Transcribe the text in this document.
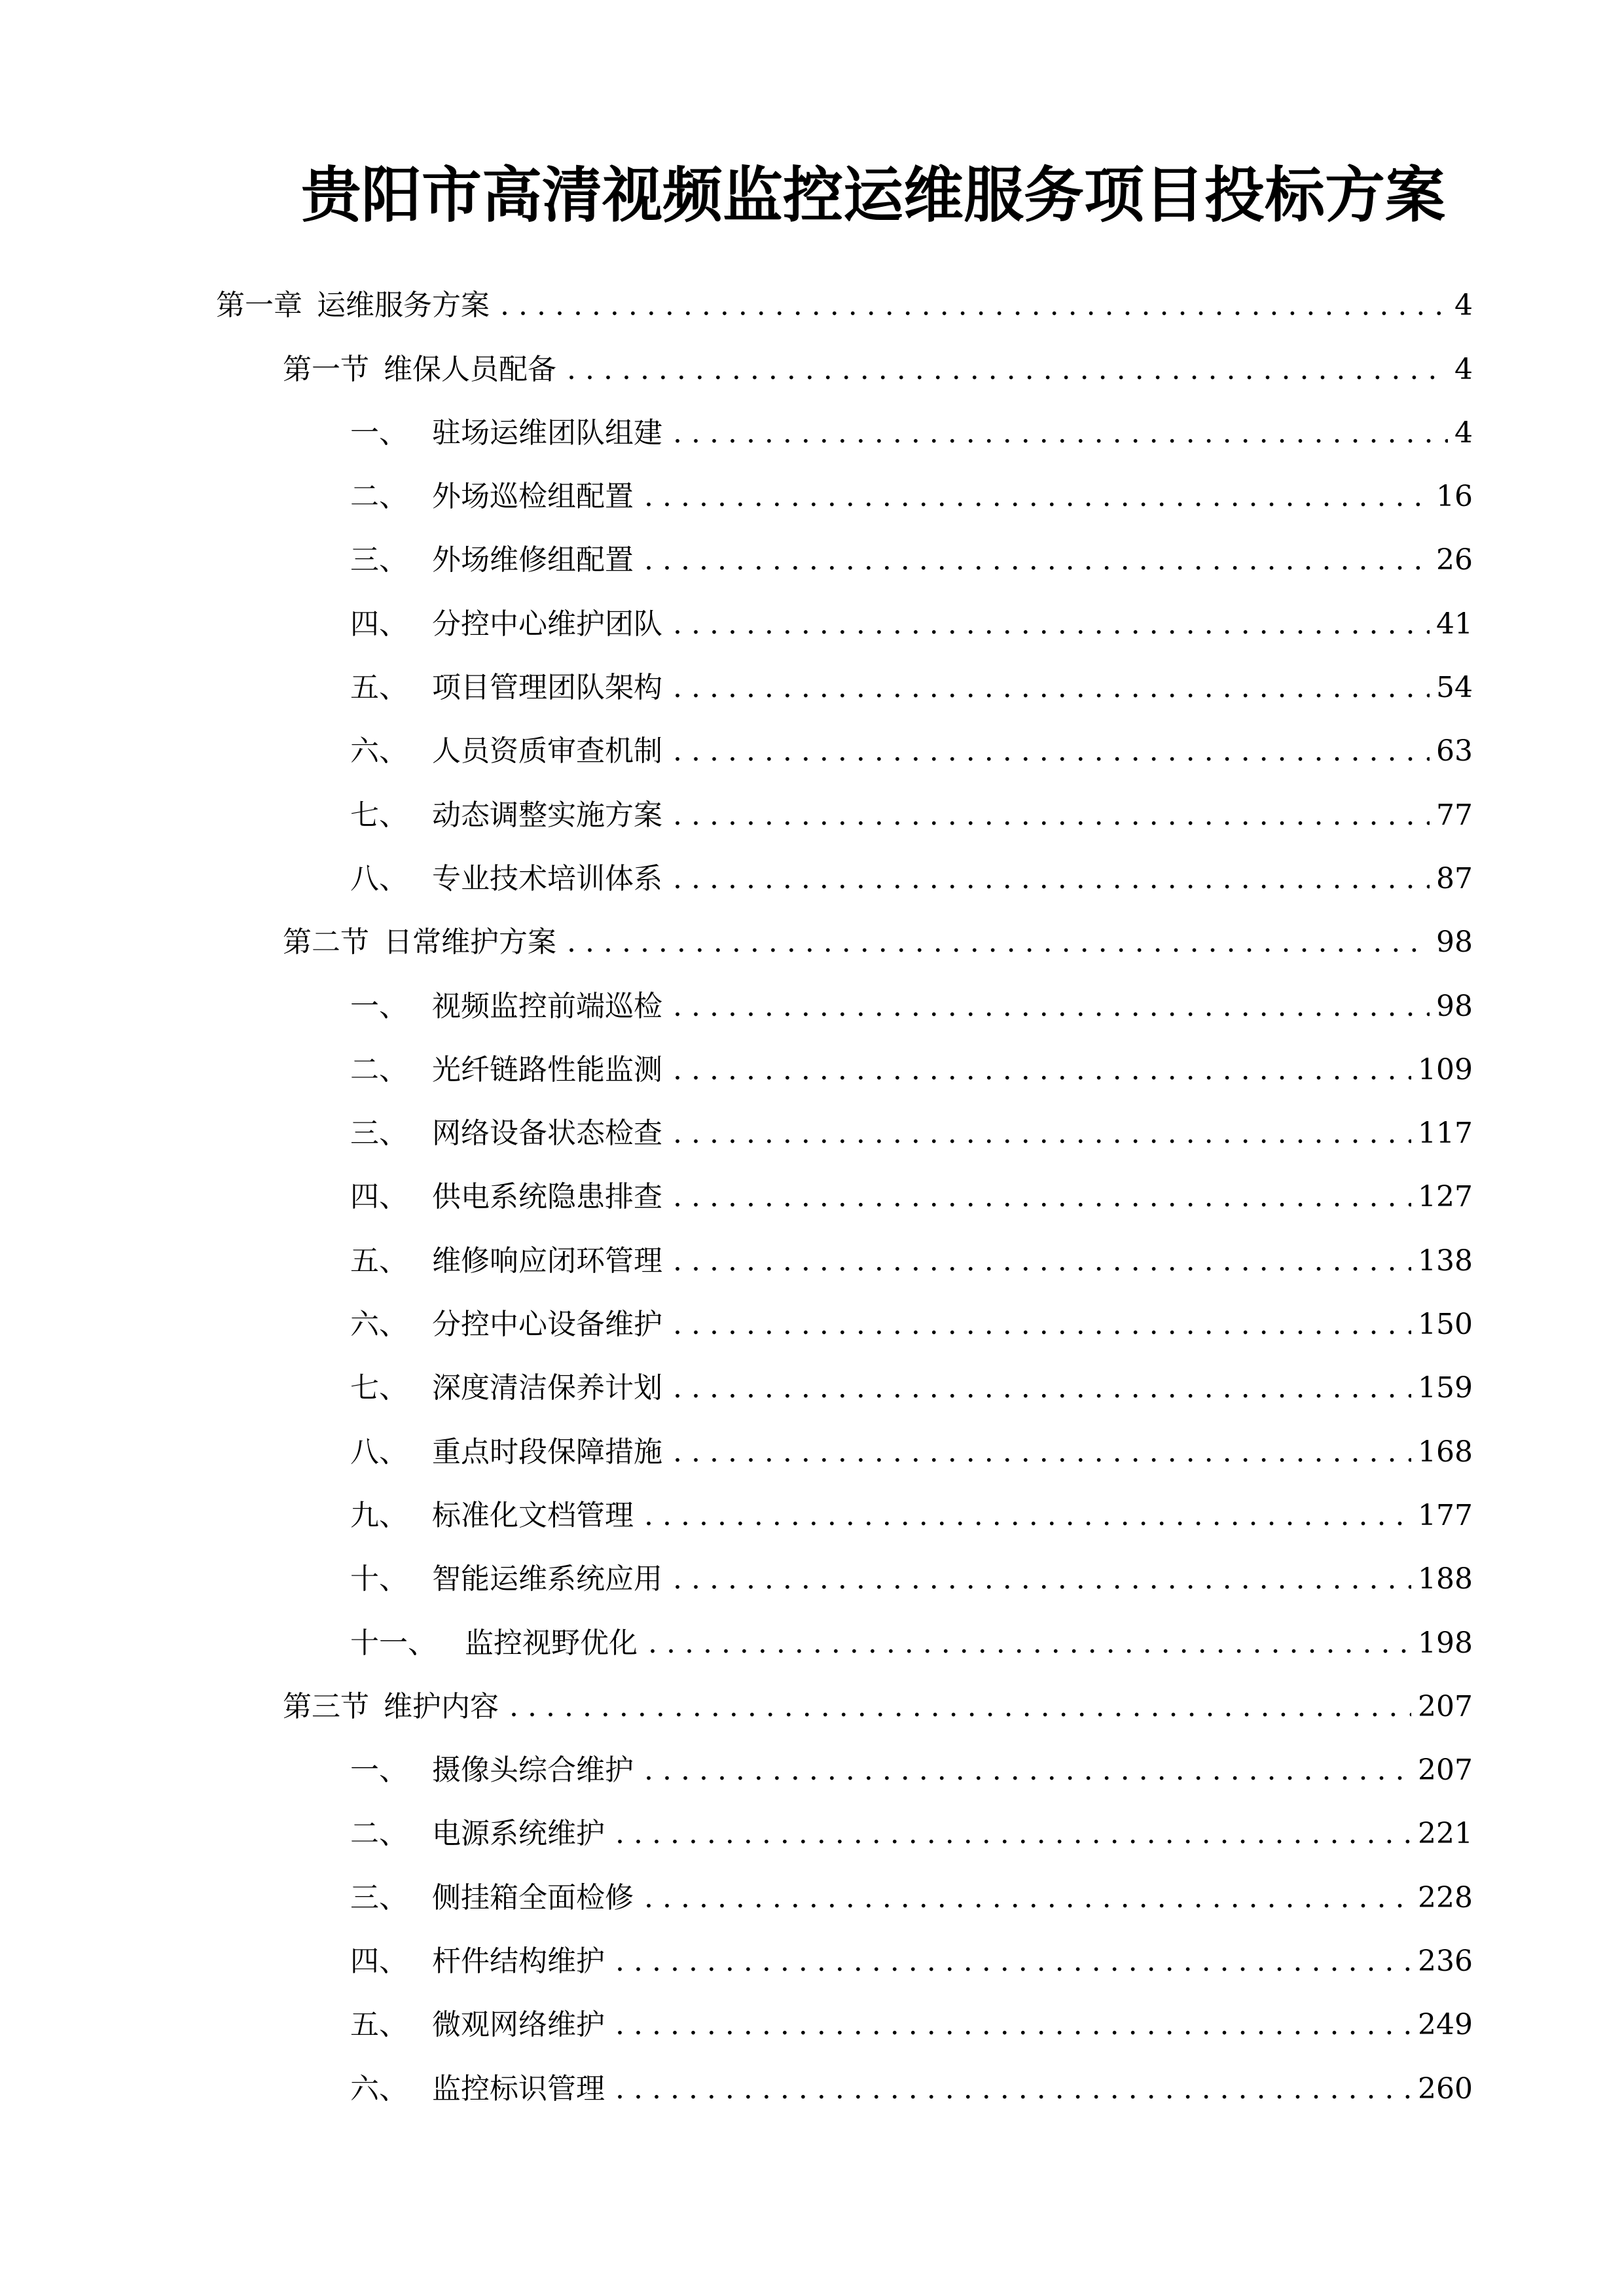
贵阳市高清视频监控运维服务项目投标方案
第一章 运维服务方案 .....	4
第一节 维保人员配备 .....	4
一、 驻场运维团队组建 .....	4
二、 外场巡检组配置 .....	16
三、 外场维修组配置 .....	26
四、 分控中心维护团队 .....	41
五、 项目管理团队架构 .....	54
六、 人员资质审查机制 .....	63
七、 动态调整实施方案 .....	77
八、 专业技术培训体系 .....	87
第二节 日常维护方案 .....	98
一、 视频监控前端巡检 .....	98
二、 光纤链路性能监测 .....	109
三、 网络设备状态检查 .....	117
四、 供电系统隐患排查 .....	127
五、 维修响应闭环管理 .....	138
六、 分控中心设备维护 .....	150
七、 深度清洁保养计划 .....	159
八、 重点时段保障措施 .....	168
九、 标准化文档管理 .....	177
十、 智能运维系统应用 .....	188
十一、 监控视野优化 .....	198
第三节 维护内容 .....	207
一、 摄像头综合维护 .....	207
二、 电源系统维护 .....	221
三、 侧挂箱全面检修 .....	228
四、 杆件结构维护 .....	236
五、 微观网络维护 .....	249
六、 监控标识管理 .....	260
